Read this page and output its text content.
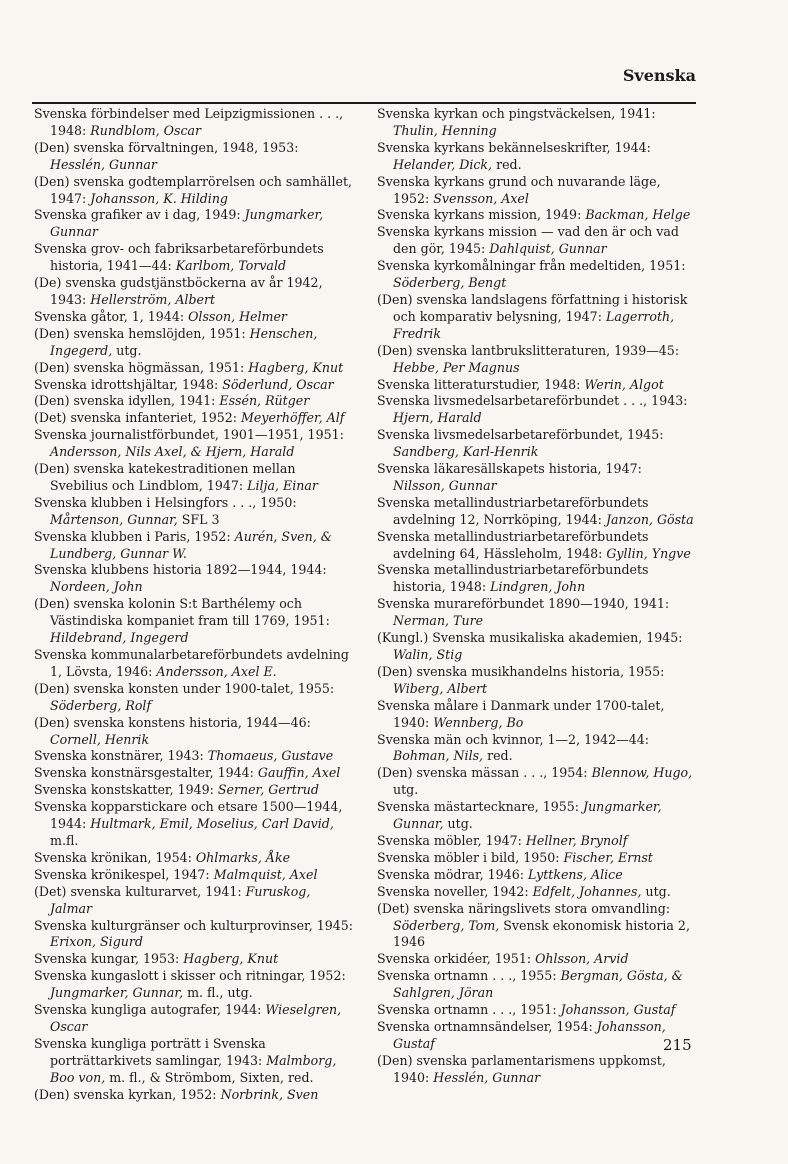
Svenska

Svenska förbindelser med Leipzigmissionen . . ., 1948: Rundblom, Oscar

(Den) svenska förvaltningen, 1948, 1953: Hesslén, Gunnar

(Den) svenska godtemplarrörelsen och samhället, 1947: Johansson, K. Hilding

Svenska grafiker av i dag, 1949: Jungmarker, Gunnar

Svenska grov- och fabriksarbetareförbundets historia, 1941—44: Karlbom, Torvald

(De) svenska gudstjänstböckerna av år 1942, 1943: Hellerström, Albert

Svenska gåtor, 1, 1944: Olsson, Helmer

(Den) svenska hemslöjden, 1951: Henschen, Ingegerd, utg.

(Den) svenska högmässan, 1951: Hagberg, Knut

Svenska idrottshjältar, 1948: Söderlund, Oscar

(Den) svenska idyllen, 1941: Essén, Rütger

(Det) svenska infanteriet, 1952: Meyerhöffer, Alf

Svenska journalistförbundet, 1901—1951, 1951: Andersson, Nils Axel, & Hjern, Harald

(Den) svenska katekestraditionen mellan Svebilius och Lindblom, 1947: Lilja, Einar

Svenska klubben i Helsingfors . . ., 1950: Mårtenson, Gunnar, SFL 3

Svenska klubben i Paris, 1952: Aurén, Sven, & Lundberg, Gunnar W.

Svenska klubbens historia 1892—1944, 1944: Nordeen, John

(Den) svenska kolonin S:t Barthélemy och Västindiska kompaniet fram till 1769, 1951: Hildebrand, Ingegerd

Svenska kommunalarbetareförbundets avdelning 1, Lövsta, 1946: Andersson, Axel E.

(Den) svenska konsten under 1900-talet, 1955: Söderberg, Rolf

(Den) svenska konstens historia, 1944—46: Cornell, Henrik

Svenska konstnärer, 1943: Thomaeus, Gustave

Svenska konstnärsgestalter, 1944: Gauffin, Axel

Svenska konstskatter, 1949: Serner, Gertrud

Svenska kopparstickare och etsare 1500—1944, 1944: Hultmark, Emil, Moselius, Carl David, m.fl.

Svenska krönikan, 1954: Ohlmarks, Åke

Svenska krönikespel, 1947: Malmquist, Axel

(Det) svenska kulturarvet, 1941: Furuskog, Jalmar

Svenska kulturgränser och kulturprovinser, 1945: Erixon, Sigurd

Svenska kungar, 1953: Hagberg, Knut

Svenska kungaslott i skisser och ritningar, 1952: Jungmarker, Gunnar, m. fl., utg.

Svenska kungliga autografer, 1944: Wieselgren, Oscar

Svenska kungliga porträtt i Svenska porträttarkivets samlingar, 1943: Malmborg, Boo von, m. fl., & Strömbom, Sixten, red.

(Den) svenska kyrkan, 1952: Norbrink, Sven

Svenska kyrkan och pingstväckelsen, 1941: Thulin, Henning

Svenska kyrkans bekännelseskrifter, 1944: Helander, Dick, red.

Svenska kyrkans grund och nuvarande läge, 1952: Svensson, Axel

Svenska kyrkans mission, 1949: Backman, Helge

Svenska kyrkans mission — vad den är och vad den gör, 1945: Dahlquist, Gunnar

Svenska kyrkomålningar från medeltiden, 1951: Söderberg, Bengt

(Den) svenska landslagens författning i historisk och komparativ belysning, 1947: Lagerroth, Fredrik

(Den) svenska lantbrukslitteraturen, 1939—45: Hebbe, Per Magnus

Svenska litteraturstudier, 1948: Werin, Algot

Svenska livsmedelsarbetareförbundet . . ., 1943: Hjern, Harald

Svenska livsmedelsarbetareförbundet, 1945: Sandberg, Karl-Henrik

Svenska läkaresällskapets historia, 1947: Nilsson, Gunnar

Svenska metallindustriarbetareförbundets avdelning 12, Norrköping, 1944: Janzon, Gösta

Svenska metallindustriarbetareförbundets avdelning 64, Hässleholm, 1948: Gyllin, Yngve

Svenska metallindustriarbetareförbundets historia, 1948: Lindgren, John

Svenska murareförbundet 1890—1940, 1941: Nerman, Ture

(Kungl.) Svenska musikaliska akademien, 1945: Walin, Stig

(Den) svenska musikhandelns historia, 1955: Wiberg, Albert

Svenska målare i Danmark under 1700-talet, 1940: Wennberg, Bo

Svenska män och kvinnor, 1—2, 1942—44: Bohman, Nils, red.

(Den) svenska mässan . . ., 1954: Blennow, Hugo, utg.

Svenska mästartecknare, 1955: Jungmarker, Gunnar, utg.

Svenska möbler, 1947: Hellner, Brynolf

Svenska möbler i bild, 1950: Fischer, Ernst

Svenska mödrar, 1946: Lyttkens, Alice

Svenska noveller, 1942: Edfelt, Johannes, utg.

(Det) svenska näringslivets stora omvandling: Söderberg, Tom, Svensk ekonomisk historia 2, 1946

Svenska orkidéer, 1951: Ohlsson, Arvid

Svenska ortnamn . . ., 1955: Bergman, Gösta, & Sahlgren, Jöran

Svenska ortnamn . . ., 1951: Johansson, Gustaf

Svenska ortnamnsändelser, 1954: Johansson, Gustaf

(Den) svenska parlamentarismens uppkomst, 1940: Hesslén, Gunnar

215
